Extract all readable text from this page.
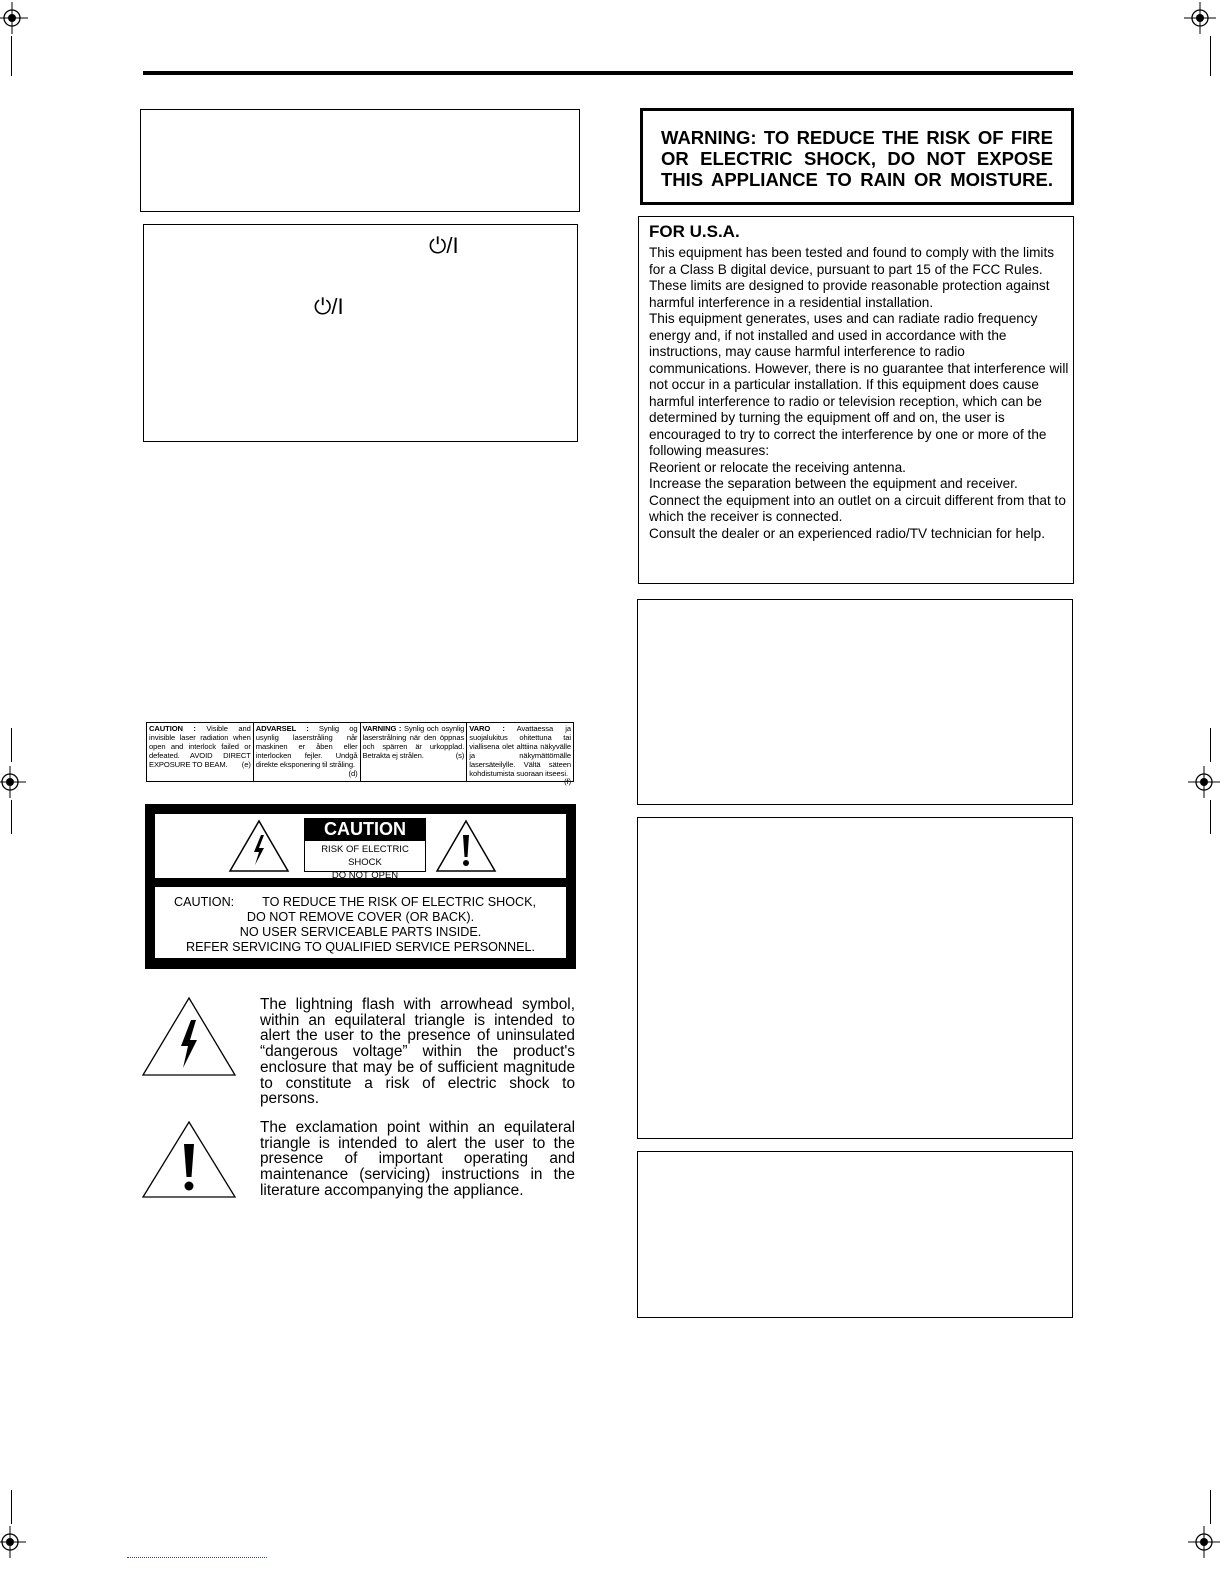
⏻/I
⏻/I
CAUTION : Visible and invisible laser radiation when open and interlock failed or defeated. AVOID DIRECT EXPOSURE TO BEAM. (e)
ADVARSEL : Synlig og usynlig laserstråling når maskinen er åben eller interlocken fejler. Undgå direkte eksponering til stråling.
(d)
VARNING : Synlig och osynlig laserstrålning när den öppnas och spärren är urkopplad. Betrakta ej strålen.	(s)
VARO : Avattaessa ja suojalukitus ohitettuna tai viallisena olet alttiina näkyvälle ja näkymättömälle lasersäteilylle. Vältä säteen kohdistumista suoraan itseesi.
(f)
CAUTION
RISK OF ELECTRIC SHOCK
DO NOT OPEN
CAUTION: TO REDUCE THE RISK OF ELECTRIC SHOCK,
DO NOT REMOVE COVER (OR BACK).
NO USER SERVICEABLE PARTS INSIDE.
REFER SERVICING TO QUALIFIED SERVICE PERSONNEL.
The lightning flash with arrowhead symbol, within an equilateral triangle is intended to alert the user to the presence of uninsulated “dangerous voltage” within the product's enclosure that may be of sufficient magnitude to constitute a risk of electric shock to persons.
The exclamation point within an equilateral triangle is intended to alert the user to the presence of important operating and maintenance (servicing) instructions in the literature accompanying the appliance.
WARNING: TO REDUCE THE RISK OF FIRE
OR ELECTRIC SHOCK, DO NOT EXPOSE
THIS APPLIANCE TO RAIN OR MOISTURE.
FOR U.S.A.

This equipment has been tested and found to comply with the limits for a Class B digital device, pursuant to part 15 of the FCC Rules. These limits are designed to provide reasonable protection against harmful interference in a residential installation.

This equipment generates, uses and can radiate radio frequency energy and, if not installed and used in accordance with the instructions, may cause harmful interference to radio communications. However, there is no guarantee that interference will not occur in a particular installation. If this equipment does cause harmful interference to radio or television reception, which can be determined by turning the equipment off and on, the user is encouraged to try to correct the interference by one or more of the following measures:

Reorient or relocate the receiving antenna.

Increase the separation between the equipment and receiver.

Connect the equipment into an outlet on a circuit different from that to which the receiver is connected.

Consult the dealer or an experienced radio/TV technician for help.
